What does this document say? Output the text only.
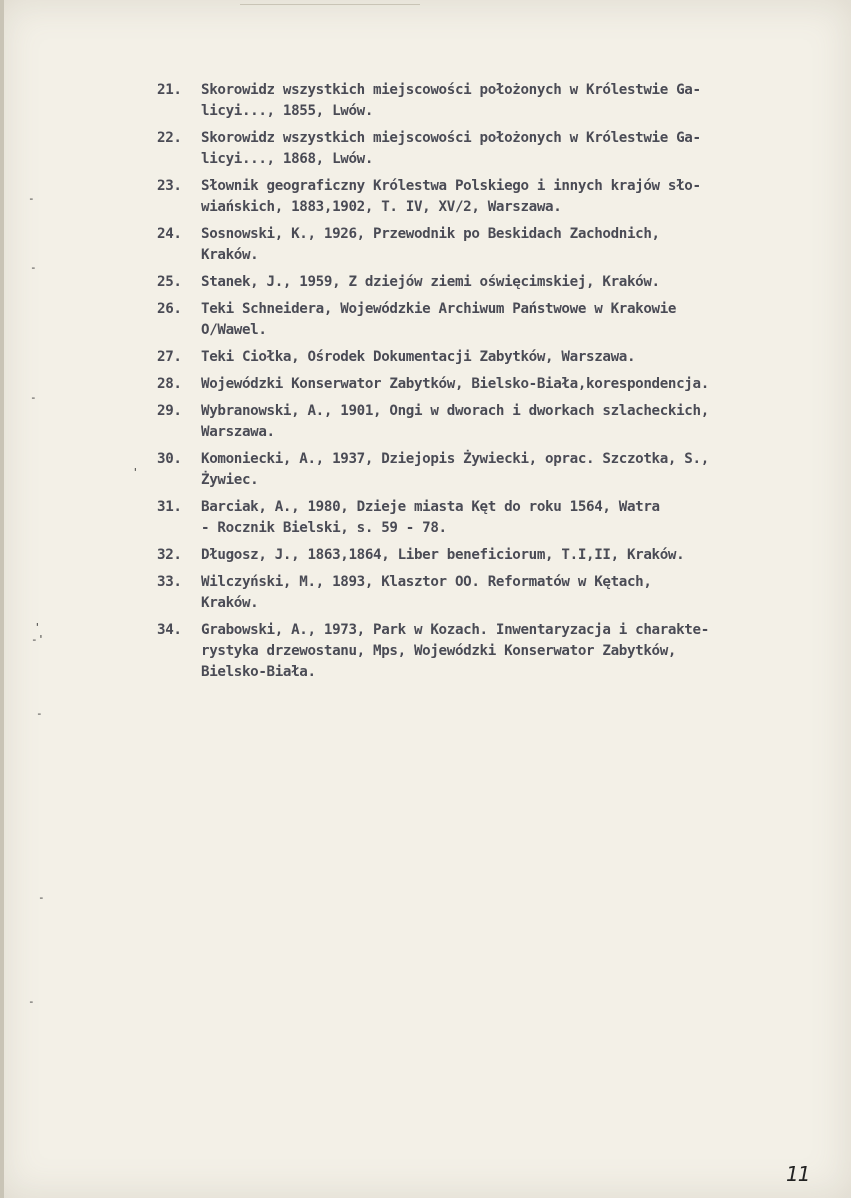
-
-
-
'
'
-'
-
-
-
21. Skorowidz wszystkich miejscowości położonych w Królestwie Ga-
licyi..., 1855, Lwów.
22. Skorowidz wszystkich miejscowości położonych w Królestwie Ga-
licyi..., 1868, Lwów.
23. Słownik geograficzny Królestwa Polskiego i innych krajów sło-
wiańskich, 1883,1902, T. IV, XV/2, Warszawa.
24. Sosnowski, K., 1926, Przewodnik po Beskidach Zachodnich,
Kraków.
25. Stanek, J., 1959, Z dziejów ziemi oświęcimskiej, Kraków.
26. Teki Schneidera, Wojewódzkie Archiwum Państwowe w Krakowie
O/Wawel.
27. Teki Ciołka, Ośrodek Dokumentacji Zabytków, Warszawa.
28. Wojewódzki Konserwator Zabytków, Bielsko-Biała,korespondencja.
29. Wybranowski, A., 1901, Ongi w dworach i dworkach szlacheckich,
Warszawa.
30. Komoniecki, A., 1937, Dziejopis Żywiecki, oprac. Szczotka, S.,
Żywiec.
31. Barciak, A., 1980, Dzieje miasta Kęt do roku 1564, Watra
- Rocznik Bielski, s. 59 - 78.
32. Długosz, J., 1863,1864, Liber beneficiorum, T.I,II, Kraków.
33. Wilczyński, M., 1893, Klasztor OO. Reformatów w Kętach,
Kraków.
34. Grabowski, A., 1973, Park w Kozach. Inwentaryzacja i charakte-
rystyka drzewostanu, Mps, Wojewódzki Konserwator Zabytków,
Bielsko-Biała.
11
